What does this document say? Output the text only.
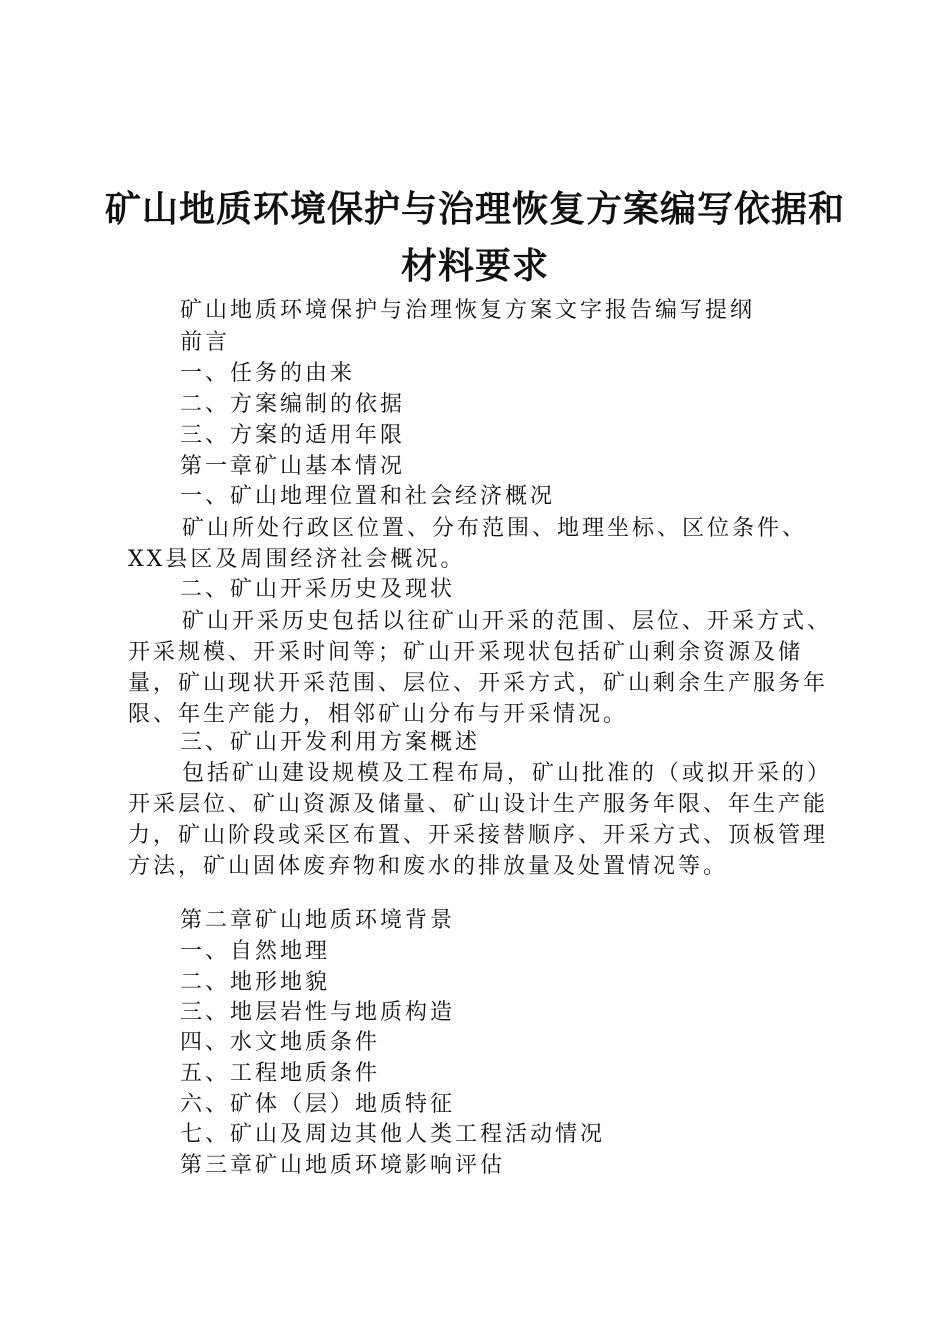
矿山地质环境保护与治理恢复方案编写依据和
材料要求
矿山地质环境保护与治理恢复方案文字报告编写提纲
前言
一、任务的由来
二、方案编制的依据
三、方案的适用年限
第一章矿山基本情况
一、矿山地理位置和社会经济概况

矿山所处行政区位置、分布范围、地理坐标、区位条件、XX县区及周围经济社会概况。

二、矿山开采历史及现状

矿山开采历史包括以往矿山开采的范围、层位、开采方式、开采规模、开采时间等；矿山开采现状包括矿山剩余资源及储量，矿山现状开采范围、层位、开采方式，矿山剩余生产服务年限、年生产能力，相邻矿山分布与开采情况。

三、矿山开发利用方案概述

包括矿山建设规模及工程布局，矿山批准的（或拟开采的）开采层位、矿山资源及储量、矿山设计生产服务年限、年生产能力，矿山阶段或采区布置、开采接替顺序、开采方式、顶板管理方法，矿山固体废弃物和废水的排放量及处置情况等。

第二章矿山地质环境背景
一、自然地理
二、地形地貌
三、地层岩性与地质构造
四、水文地质条件
五、工程地质条件
六、矿体（层）地质特征
七、矿山及周边其他人类工程活动情况
第三章矿山地质环境影响评估
